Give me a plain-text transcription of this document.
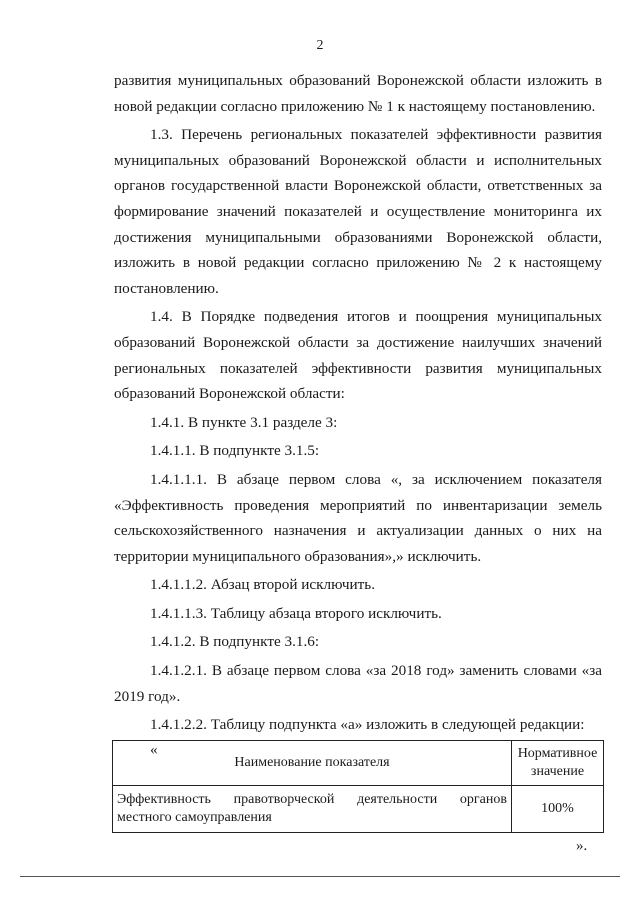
2

развития муниципальных образований Воронежской области изложить в новой редакции согласно приложению № 1 к настоящему постановлению.

1.3. Перечень региональных показателей эффективности развития муниципальных образований Воронежской области и исполнительных органов государственной власти Воронежской области, ответственных за формирование значений показателей и осуществление мониторинга их достижения муниципальными образованиями Воронежской области, изложить в новой редакции согласно приложению № 2 к настоящему постановлению.

1.4. В Порядке подведения итогов и поощрения муниципальных образований Воронежской области за достижение наилучших значений региональных показателей эффективности развития муниципальных образований Воронежской области:

1.4.1. В пункте 3.1 разделе 3:

1.4.1.1. В подпункте 3.1.5:

1.4.1.1.1. В абзаце первом слова «, за исключением показателя «Эффективность проведения мероприятий по инвентаризации земель сельскохозяйственного назначения и актуализации данных о них на территории муниципального образования»,» исключить.

1.4.1.1.2. Абзац второй исключить.

1.4.1.1.3. Таблицу абзаца второго исключить.

1.4.1.2. В подпункте 3.1.6:

1.4.1.2.1. В абзаце первом слова «за 2018 год» заменить словами «за 2019 год».

1.4.1.2.2. Таблицу подпункта «а» изложить в следующей редакции:

«

Наименование показателя	Нормативное значение
Эффективность правотворческой деятельности органов местного самоуправления	100%
».
